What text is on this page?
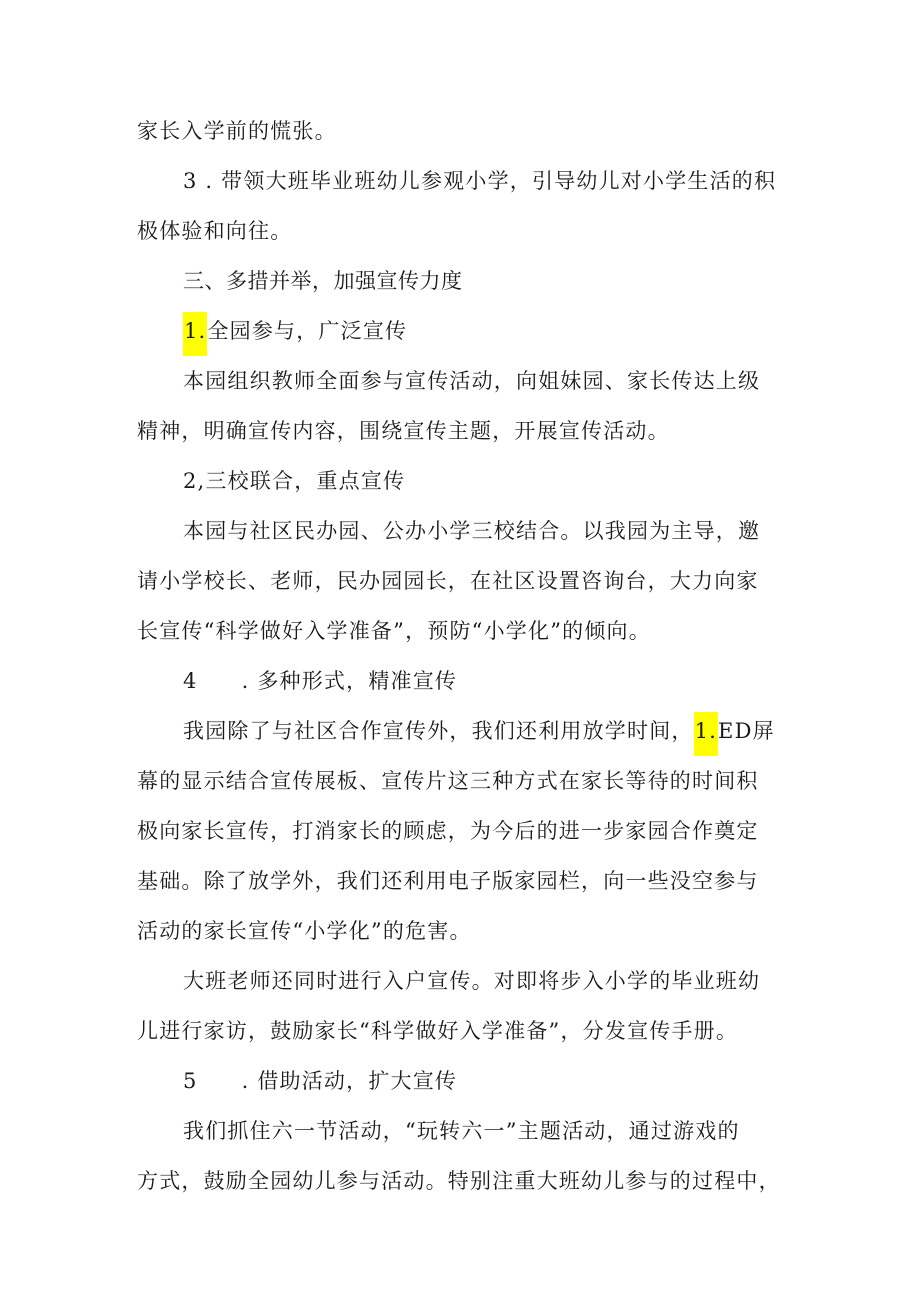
家长入学前的慌张。
3 . 带领大班毕业班幼儿参观小学，引导幼儿对小学生活的积
极体验和向往。
三、多措并举，加强宣传力度
1.全园参与，广泛宣传
本园组织教师全面参与宣传活动，向姐妹园、家长传达上级
精神，明确宣传内容，围绕宣传主题，开展宣传活动。
2,三校联合，重点宣传
本园与社区民办园、公办小学三校结合。以我园为主导，邀
请小学校长、老师，民办园园长，在社区设置咨询台，大力向家
长宣传“科学做好入学准备”，预防“小学化”的倾向。
4 . 多种形式，精准宣传
我园除了与社区合作宣传外，我们还利用放学时间，1.ED屏
幕的显示结合宣传展板、宣传片这三种方式在家长等待的时间积
极向家长宣传，打消家长的顾虑，为今后的进一步家园合作奠定
基础。除了放学外，我们还利用电子版家园栏，向一些没空参与
活动的家长宣传“小学化”的危害。
大班老师还同时进行入户宣传。对即将步入小学的毕业班幼
儿进行家访，鼓励家长“科学做好入学准备”，分发宣传手册。
5 . 借助活动，扩大宣传
我们抓住六一节活动，“玩转六一”主题活动，通过游戏的
方式，鼓励全园幼儿参与活动。特别注重大班幼儿参与的过程中，
